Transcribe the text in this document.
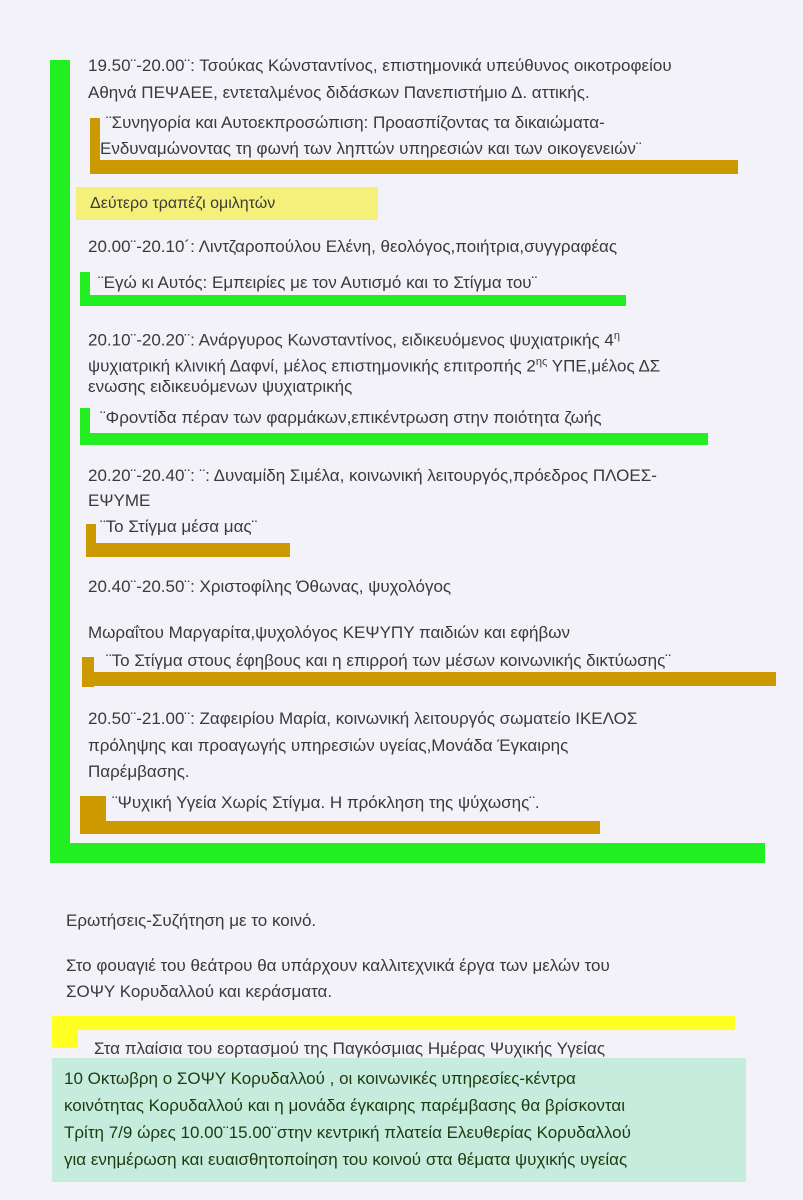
19.50¨-20.00¨: Τσούκας Κώνσταντίνος, επιστημονικά υπεύθυνος οικοτροφείου
Αθηνά ΠΕΨΑΕΕ, εντεταλμένος διδάσκων Πανεπιστήμιο Δ. αττικής.
¨Συνηγορία και Αυτοεκπροσώπιση: Προασπίζοντας τα δικαιώματα-
Ενδυναμώνοντας τη φωνή των ληπτών υπηρεσιών και των οικογενειών¨
Δεύτερο τραπέζι ομιλητών
20.00¨-20.10´: Λιντζαροπούλου Ελένη, θεολόγος,ποιήτρια,συγγραφέας
¨Εγώ κι Αυτός: Εμπειρίες με τον Αυτισμό και το Στίγμα του¨
20.10¨-20.20¨: Ανάργυρος Κωνσταντίνος, ειδικευόμενος ψυχιατρικής $4^\eta$
ψυχιατρική κλινική Δαφνί, μέλος επιστημονικής επιτροπής $2^{\eta\varsigma}$ ΥΠΕ,μέλος ΔΣ
ενωσης ειδικευόμενων ψυχιατρικής
¨Φροντίδα πέραν των φαρμάκων,επικέντρωση στην ποιότητα ζωής
20.20¨-20.40¨: ¨: Δυναμίδη Σιμέλα, κοινωνική λειτουργός,πρόεδρος ΠΛΟΕΣ-
ΕΨΥΜΕ
¨Το Στίγμα μέσα μας¨
20.40¨-20.50¨: Χριστοφίλης Όθωνας, ψυχολόγος
Μωραΐτου Μαργαρίτα,ψυχολόγος ΚΕΨΥΠΥ παιδιών και εφήβων
¨Το Στίγμα στους έφηβους και η επιρροή των μέσων κοινωνικής δικτύωσης¨
20.50¨-21.00¨: Ζαφειρίου Μαρία, κοινωνική λειτουργός σωματείο ΙΚΕΛΟΣ
πρόληψης και προαγωγής υπηρεσιών υγείας,Μονάδα Έγκαιρης
Παρέμβασης.
¨Ψυχική Υγεία Χωρίς Στίγμα. Η πρόκληση της ψύχωσης¨.
Ερωτήσεις-Συζήτηση με το κοινό.
Στο φουαγιέ του θεάτρου θα υπάρχουν καλλιτεχνικά έργα των μελών του
ΣΟΨΥ Κορυδαλλού και κεράσματα.
Στα πλαίσια του εορτασμού της Παγκόσμιας Ημέρας Ψυχικής Υγείας
10 Οκτωβρη ο ΣΟΨΥ Κορυδαλλού , οι κοινωνικές υπηρεσίες-κέντρα
κοινότητας Κορυδαλλού και η μονάδα έγκαιρης παρέμβασης θα βρίσκονται
Τρίτη 7/9 ώρες 10.00¨15.00¨στην κεντρική πλατεία Ελευθερίας Κορυδαλλού
για ενημέρωση και ευαισθητοποίηση του κοινού στα θέματα ψυχικής υγείας
